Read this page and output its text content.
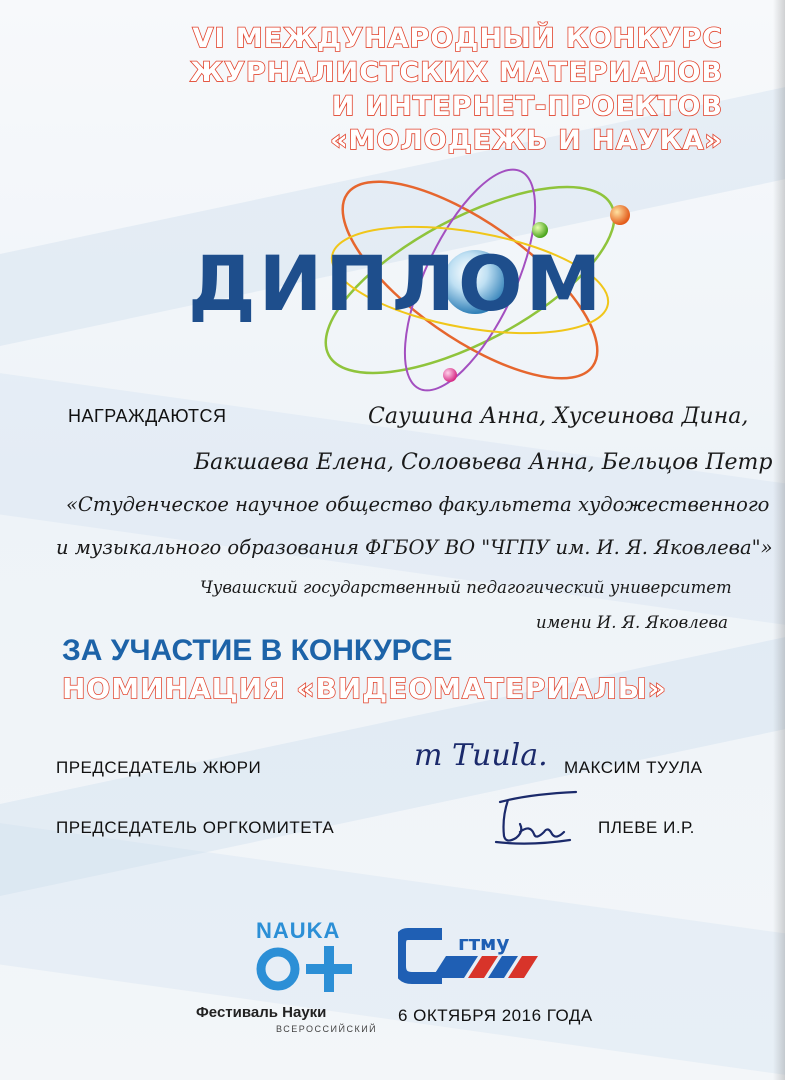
VI МЕЖДУНАРОДНЫЙ КОНКУРС

ЖУРНАЛИСТСКИХ МАТЕРИАЛОВ

И ИНТЕРНЕТ-ПРОЕКТОВ

«МОЛОДЕЖЬ И НАУКА»

ДИПЛОМ
НАГРАЖДАЮТСЯ	Саушина Анна, Хусеинова Дина,
Бакшаева Елена, Соловьева Анна, Бельцов Петр
«Студенческое научное общество факультета художественного
и музыкального образования ФГБОУ ВО "ЧГПУ им. И. Я. Яковлева"»
Чувашский государственный педагогический университет
имени И. Я. Яковлева
ЗА УЧАСТИЕ В КОНКУРСЕ
НОМИНАЦИЯ «ВИДЕОМАТЕРИАЛЫ»
ПРЕДСЕДАТЕЛЬ ЖЮРИ	m Tuula. МАКСИМ ТУУЛА
ПРЕДСЕДАТЕЛЬ ОРГКОМИТЕТА	ПЛЕВЕ И.Р.
NAUKA
Фестиваль Науки
ВСЕРОССИЙСКИЙ
гтму
6 ОКТЯБРЯ 2016 ГОДА
